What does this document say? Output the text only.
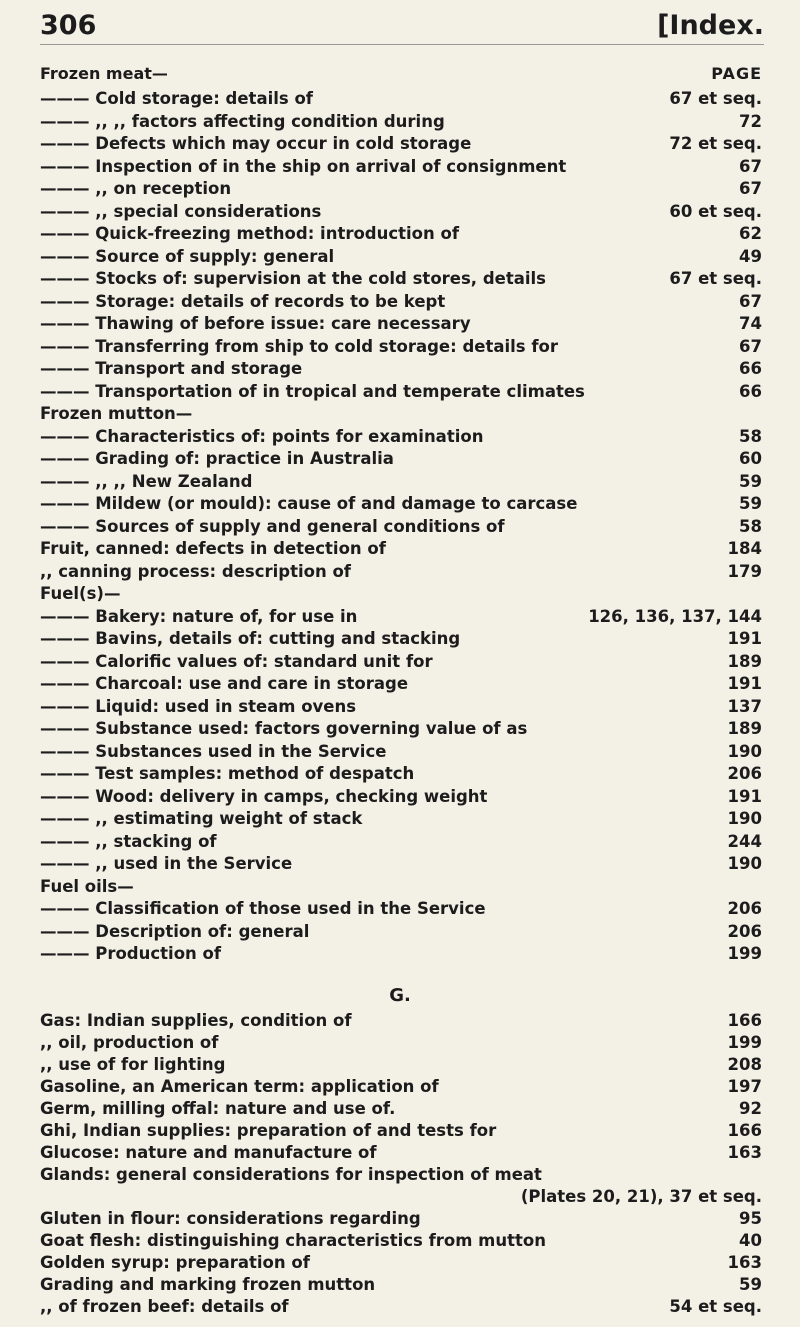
306	[Index.
Frozen meat—	PAGE
——— Cold storage: details of	67 et seq.
——— ,, ,, factors affecting condition during	72
——— Defects which may occur in cold storage	72 et seq.
——— Inspection of in the ship on arrival of consignment	67
——— ,, on reception	67
——— ,, special considerations	60 et seq.
——— Quick-freezing method: introduction of	62
——— Source of supply: general	49
——— Stocks of: supervision at the cold stores, details	67 et seq.
——— Storage: details of records to be kept	67
——— Thawing of before issue: care necessary	74
——— Transferring from ship to cold storage: details for	67
——— Transport and storage	66
——— Transportation of in tropical and temperate climates	66
Frozen mutton—
——— Characteristics of: points for examination	58
——— Grading of: practice in Australia	60
——— ,, ,, New Zealand	59
——— Mildew (or mould): cause of and damage to carcase	59
——— Sources of supply and general conditions of	58
Fruit, canned: defects in detection of	184
,, canning process: description of	179
Fuel(s)—
——— Bakery: nature of, for use in	126, 136, 137, 144
——— Bavins, details of: cutting and stacking	191
——— Calorific values of: standard unit for	189
——— Charcoal: use and care in storage	191
——— Liquid: used in steam ovens	137
——— Substance used: factors governing value of as	189
——— Substances used in the Service	190
——— Test samples: method of despatch	206
——— Wood: delivery in camps, checking weight	191
——— ,, estimating weight of stack	190
——— ,, stacking of	244
——— ,, used in the Service	190
Fuel oils—
——— Classification of those used in the Service	206
——— Description of: general	206
——— Production of	199
G.
Gas: Indian supplies, condition of	166
,, oil, production of	199
,, use of for lighting	208
Gasoline, an American term: application of	197
Germ, milling offal: nature and use of.	92
Ghi, Indian supplies: preparation of and tests for	166
Glucose: nature and manufacture of	163
Glands: general considerations for inspection of meat
(Plates 20, 21), 37 et seq.
Gluten in flour: considerations regarding	95
Goat flesh: distinguishing characteristics from mutton	40
Golden syrup: preparation of	163
Grading and marking frozen mutton	59
,, of frozen beef: details of	54 et seq.
